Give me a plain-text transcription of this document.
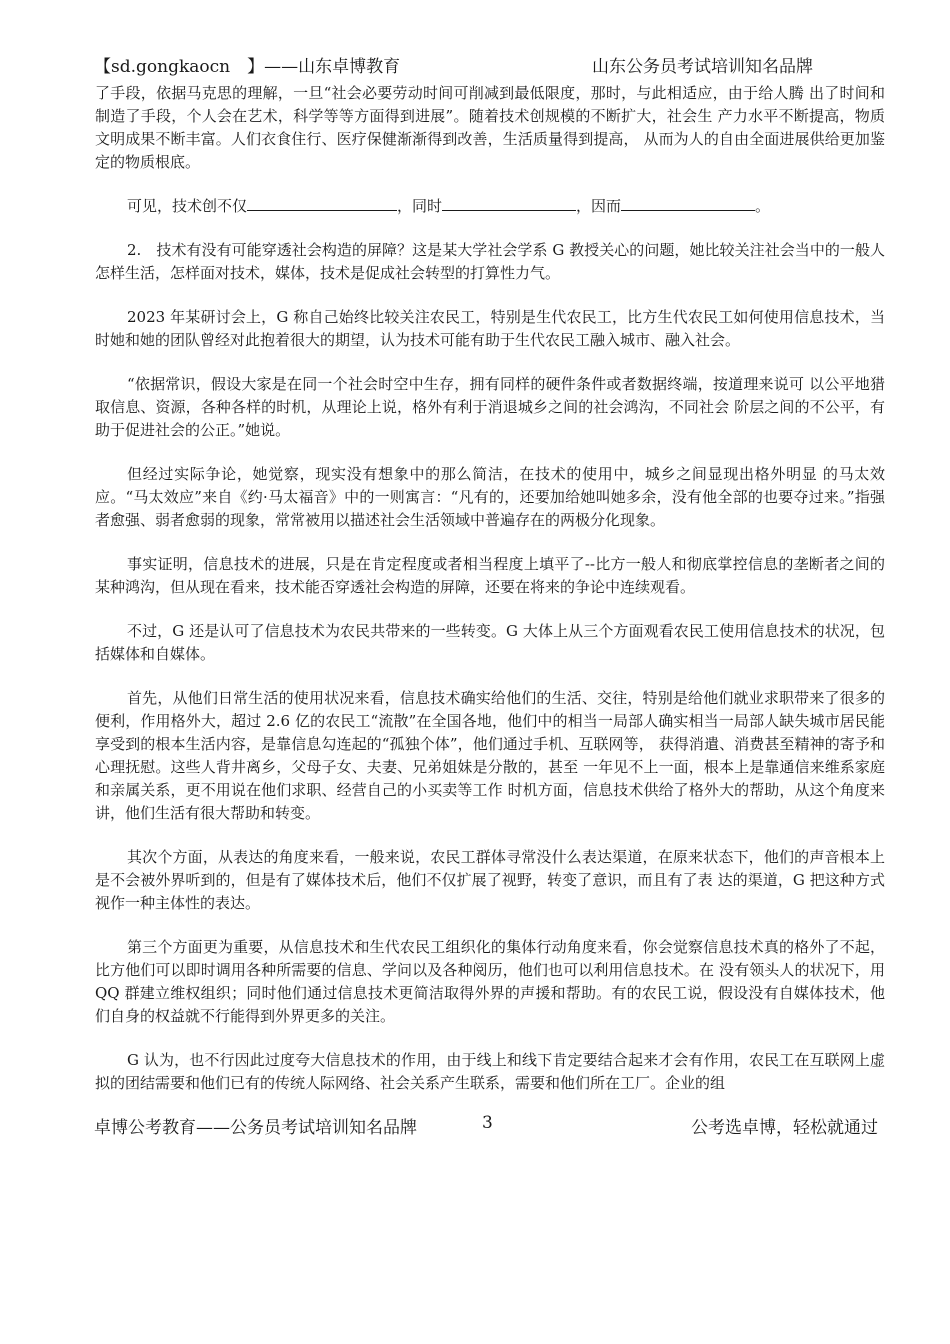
【sd.gongkaocn　】——山东卓博教育	山东公务员考试培训知名品牌

了手段，依据马克思的理解，一旦“社会必要劳动时间可削减到最低限度，那时，与此相适应，由于给人腾 出了时间和制造了手段，个人会在艺术，科学等等方面得到进展”。随着技术创规模的不断扩大，社会生 产力水平不断提高，物质文明成果不断丰富。人们衣食住行、医疗保健渐渐得到改善，生活质量得到提高， 从而为人的自由全面进展供给更加鉴定的物质根底。

可见，技术创不仅	，同时	，因而	。

2.　技术有没有可能穿透社会构造的屏障？这是某大学社会学系 G 教授关心的问题，她比较关注社会当中的一般人怎样生活，怎样面对技术，媒体，技术是促成社会转型的打算性力气。

2023 年某研讨会上，G 称自己始终比较关注农民工，特别是生代农民工，比方生代农民工如何使用信息技术，当时她和她的团队曾经对此抱着很大的期望，认为技术可能有助于生代农民工融入城市、融入社会。

“依据常识，假设大家是在同一个社会时空中生存，拥有同样的硬件条件或者数据终端，按道理来说可 以公平地猎取信息、资源，各种各样的时机，从理论上说，格外有利于消退城乡之间的社会鸿沟，不同社会 阶层之间的不公平，有助于促进社会的公正。”她说。

但经过实际争论，她觉察，现实没有想象中的那么简洁，在技术的使用中，城乡之间显现出格外明显 的马太效应。“马太效应”来自《约·马太福音》中的一则寓言：“凡有的，还要加给她叫她多余，没有他全部的也要夺过来。”指强者愈强、弱者愈弱的现象，常常被用以描述社会生活领域中普遍存在的两极分化现象。

事实证明，信息技术的进展，只是在肯定程度或者相当程度上填平了--比方一般人和彻底掌控信息的垄断者之间的某种鸿沟，但从现在看来，技术能否穿透社会构造的屏障，还要在将来的争论中连续观看。

不过，G 还是认可了信息技术为农民共带来的一些转变。G 大体上从三个方面观看农民工使用信息技术的状况，包括媒体和自媒体。

首先，从他们日常生活的使用状况来看，信息技术确实给他们的生活、交往，特别是给他们就业求职带来了很多的便利，作用格外大，超过 2.6 亿的农民工“流散”在全国各地，他们中的相当一局部人确实相当一局部人缺失城市居民能享受到的根本生活内容，是靠信息勾连起的“孤独个体”，他们通过手机、互联网等， 获得消遣、消费甚至精神的寄予和心理抚慰。这些人背井离乡，父母子女、夫妻、兄弟姐妹是分散的，甚至 一年见不上一面，根本上是靠通信来维系家庭和亲属关系，更不用说在他们求职、经营自己的小买卖等工作 时机方面，信息技术供给了格外大的帮助，从这个角度来讲，他们生活有很大帮助和转变。

其次个方面，从表达的角度来看，一般来说，农民工群体寻常没什么表达渠道，在原来状态下，他们的声音根本上是不会被外界听到的，但是有了媒体技术后，他们不仅扩展了视野，转变了意识，而且有了表 达的渠道，G 把这种方式视作一种主体性的表达。

第三个方面更为重要，从信息技术和生代农民工组织化的集体行动角度来看，你会觉察信息技术真的格外了不起，比方他们可以即时调用各种所需要的信息、学问以及各种阅历，他们也可以利用信息技术。在 没有领头人的状况下，用 QQ 群建立维权组织；同时他们通过信息技术更简洁取得外界的声援和帮助。有的农民工说，假设没有自媒体技术，他们自身的权益就不行能得到外界更多的关注。

G 认为，也不行因此过度夸大信息技术的作用，由于线上和线下肯定要结合起来才会有作用，农民工在互联网上虚拟的团结需要和他们已有的传统人际网络、社会关系产生联系，需要和他们所在工厂。企业的组

卓博公考教育——公务员考试培训知名品牌	3	公考选卓博，轻松就通过
